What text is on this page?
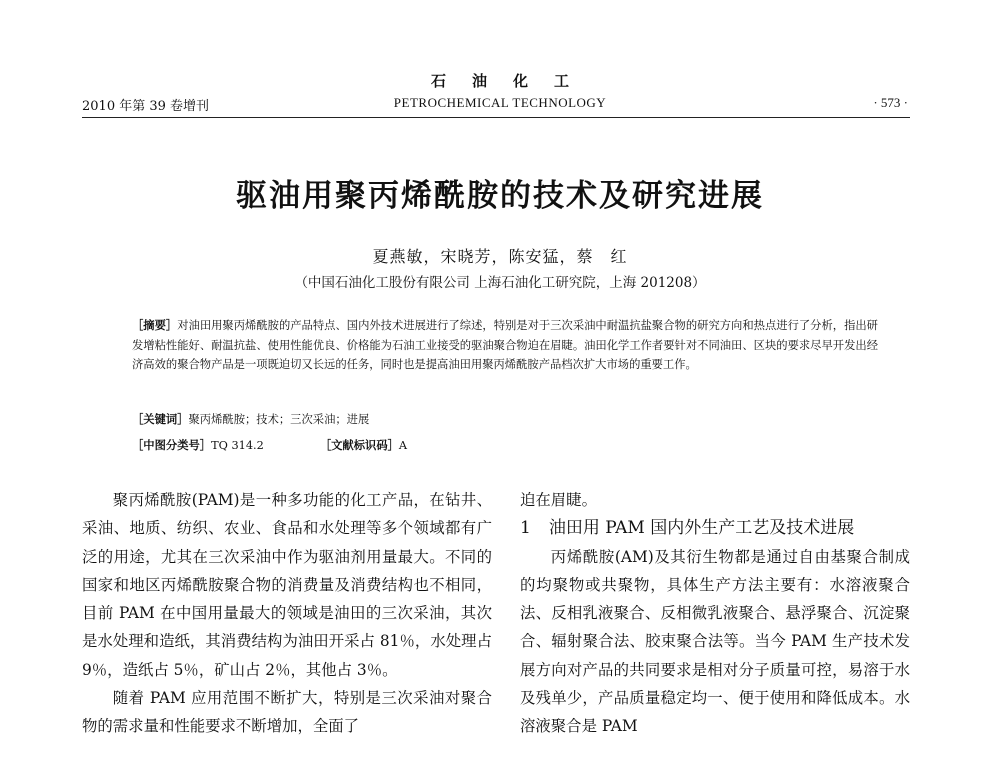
石油化工
2010 年第 39 卷增刊	PETROCHEMICAL TECHNOLOGY	· 573 ·
驱油用聚丙烯酰胺的技术及研究进展
夏燕敏，宋晓芳，陈安猛，蔡　红
（中国石油化工股份有限公司 上海石油化工研究院，上海 201208）
［摘要］对油田用聚丙烯酰胺的产品特点、国内外技术进展进行了综述，特别是对于三次采油中耐温抗盐聚合物的研究方向和热点进行了分析，指出研发增粘性能好、耐温抗盐、使用性能优良、价格能为石油工业接受的驱油聚合物迫在眉睫。油田化学工作者要针对不同油田、区块的要求尽早开发出经济高效的聚合物产品是一项既迫切又长远的任务，同时也是提高油田用聚丙烯酰胺产品档次扩大市场的重要工作。
［关键词］聚丙烯酰胺；技术；三次采油；进展
［中图分类号］TQ 314.2	［文献标识码］A

聚丙烯酰胺(PAM)是一种多功能的化工产品，在钻井、采油、地质、纺织、农业、食品和水处理等多个领域都有广泛的用途，尤其在三次采油中作为驱油剂用量最大。不同的国家和地区丙烯酰胺聚合物的消费量及消费结构也不相同，目前 PAM 在中国用量最大的领域是油田的三次采油，其次是水处理和造纸，其消费结构为油田开采占 81％，水处理占 9％，造纸占 5％，矿山占 2％，其他占 3％。

随着 PAM 应用范围不断扩大，特别是三次采油对聚合物的需求量和性能要求不断增加，全面了

迫在眉睫。

1 油田用 PAM 国内外生产工艺及技术进展

丙烯酰胺(AM)及其衍生物都是通过自由基聚合制成的均聚物或共聚物，具体生产方法主要有：水溶液聚合法、反相乳液聚合、反相微乳液聚合、悬浮聚合、沉淀聚合、辐射聚合法、胶束聚合法等。当今 PAM 生产技术发展方向对产品的共同要求是相对分子质量可控，易溶于水及残单少，产品质量稳定均一、便于使用和降低成本。水溶液聚合是 PAM
